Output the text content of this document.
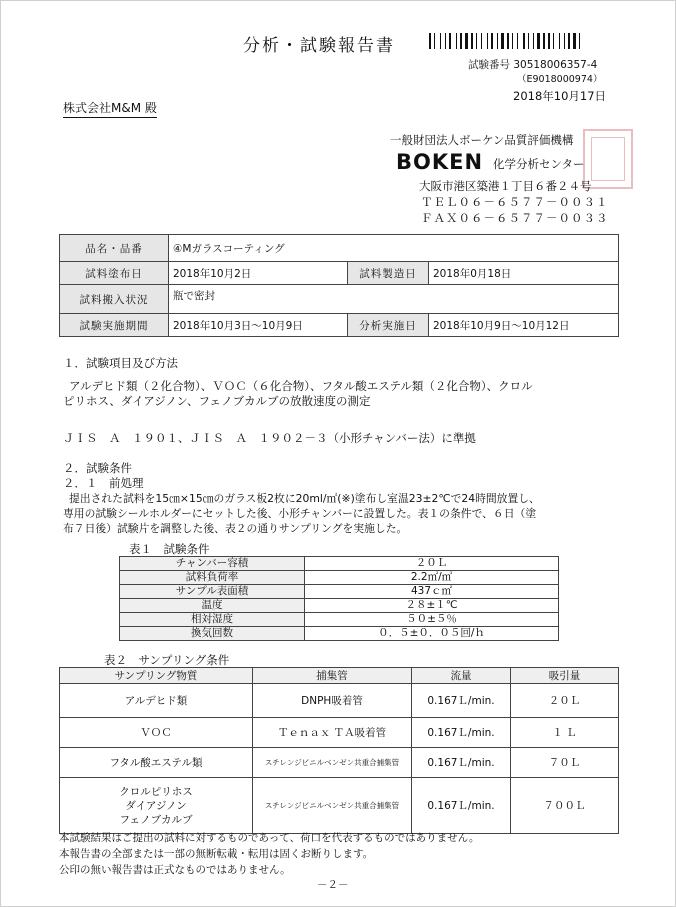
分析・試験報告書
試験番号 30518006357-4
（E9018000974）
2018年10月17日
株式会社M&M 殿
一般財団法人ボーケン品質評価機構
BOKEN 化学分析センター
大阪市港区築港１丁目６番２４号
ＴＥＬ０６－６５７７－００３１
ＦＡＸ０６－６５７７－００３３
品名・品番	④Mガラスコーティング		
試料塗布日	2018年10月2日	試料製造日	2018年0月18日
試料搬入状況	瓶で密封		
試験実施期間	2018年10月3日～10月9日	分析実施日	2018年10月9日～10月12日
１．試験項目及び方法
アルデヒド類（２化合物）、ＶＯＣ（６化合物）、フタル酸エステル類（２化合物）、クロル
ピリホス、ダイアジノン、フェノブカルブの放散速度の測定
ＪＩＳ　Ａ　１９０１、ＪＩＳ　Ａ　１９０２－３（小形チャンバー法）に準拠
２．試験条件
２．１　前処理
提出された試料を15㎝×15㎝のガラス板2枚に20ml/㎡(※)塗布し室温23±2℃で24時間放置し、
専用の試験シールホルダーにセットした後、小形チャンバーに設置した。表１の条件で、６日（塗
布７日後）試験片を調整した後、表２の通りサンプリングを実施した。
表１　試験条件
チャンバー容積	２０Ｌ
試料負荷率	2.2㎡/㎥
サンプル表面積	437ｃ㎡
温度	２８±１℃
相対湿度	５０±５％
換気回数	０．５±０．０５回/ｈ
表２　サンプリング条件
サンプリング物質	捕集管	流量	吸引量
アルデヒド類	DNPH吸着管	0.167Ｌ/min.	２０Ｌ
ＶＯＣ	Ｔｅｎａｘ ＴＡ吸着管	0.167Ｌ/min.	１ Ｌ
フタル酸エステル類	スチレンジビニルベンゼン共重合捕集管	0.167Ｌ/min.	７０Ｌ

クロルピリホス
ダイアジノン
フェノブカルブ	スチレンジビニルベンゼン共重合捕集管	0.167Ｌ/min.	７００Ｌ
本試験結果はご提出の試料に対するものであって、荷口を代表するものではありません。
本報告書の全部または一部の無断転載・転用は固くお断りします。
公印の無い報告書は正式なものではありません。
－２－
